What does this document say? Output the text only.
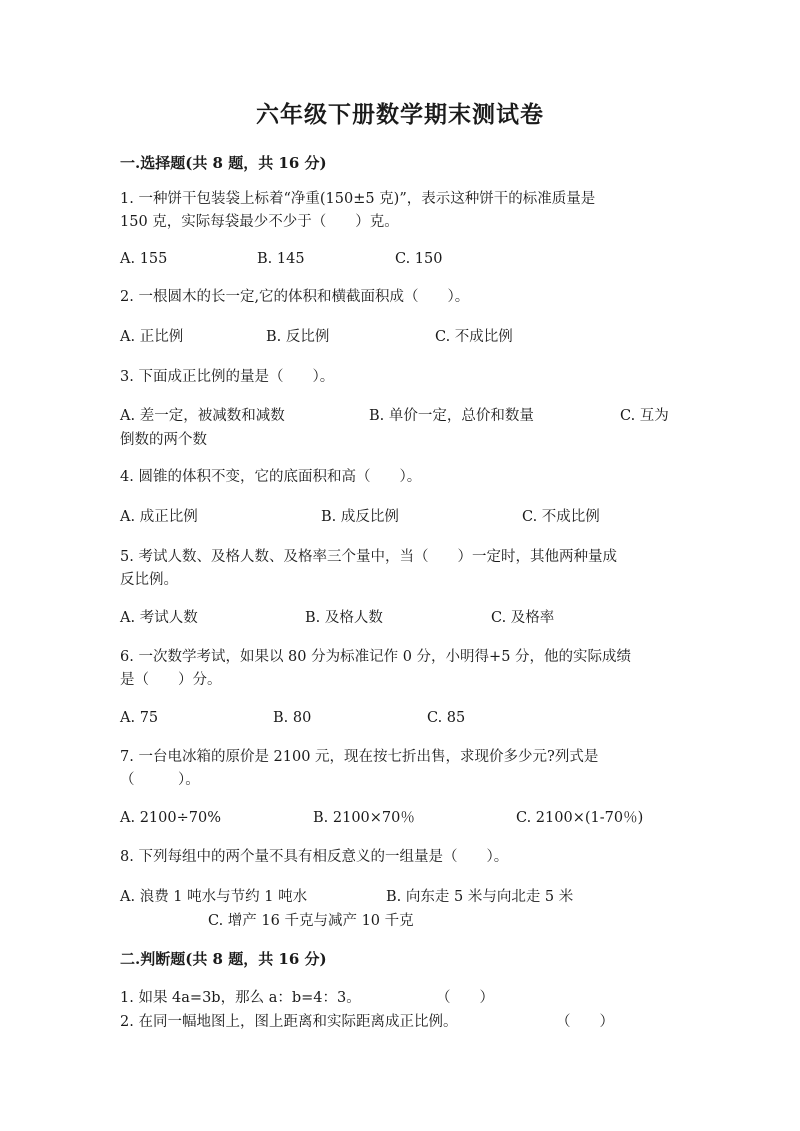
六年级下册数学期末测试卷
一.选择题(共 8 题，共 16 分)
1. 一种饼干包装袋上标着“净重(150±5 克)”，表示这种饼干的标准质量是
150 克，实际每袋最少不少于（　　）克。
A. 155	B. 145	C. 150
2. 一根圆木的长一定,它的体积和横截面积成（　　）。
A. 正比例	B. 反比例	C. 不成比例
3. 下面成正比例的量是（　　）。
A. 差一定，被减数和减数	B. 单价一定，总价和数量	C. 互为
倒数的两个数
4. 圆锥的体积不变，它的底面积和高（　　）。
A. 成正比例	B. 成反比例	C. 不成比例
5. 考试人数、及格人数、及格率三个量中，当（　　）一定时，其他两种量成
反比例。
A. 考试人数	B. 及格人数	C. 及格率
6. 一次数学考试，如果以 80 分为标准记作 0 分，小明得+5 分，他的实际成绩
是（　　）分。
A. 75	B. 80	C. 85
7. 一台电冰箱的原价是 2100 元，现在按七折出售，求现价多少元?列式是
（　　　）。
A. 2100÷70%	B. 2100×70％	C. 2100×(1-70％)
8. 下列每组中的两个量不具有相反意义的一组量是（　　）。
A. 浪费 1 吨水与节约 1 吨水	B. 向东走 5 米与向北走 5 米
C. 增产 16 千克与减产 10 千克
二.判断题(共 8 题，共 16 分)
1. 如果 4a=3b，那么 a：b=4：3。	（　　）
2. 在同一幅地图上，图上距离和实际距离成正比例。	（　　）
